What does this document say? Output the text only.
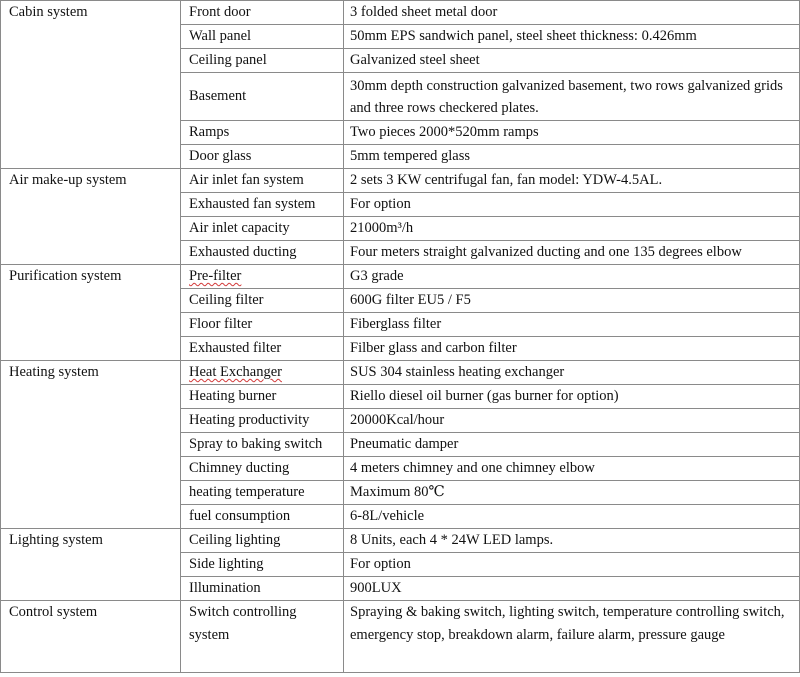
Cabin system	Front door	3 folded sheet metal door
	Wall panel	50mm EPS sandwich panel, steel sheet thickness: 0.426mm
	Ceiling panel	Galvanized steel sheet
	Basement	30mm depth construction galvanized basement, two rows galvanized grids and three rows checkered plates.
	Ramps	Two pieces 2000*520mm ramps
	Door glass	5mm tempered glass
Air make-up system	Air inlet fan system	2 sets 3 KW centrifugal fan, fan model: YDW-4.5AL.
	Exhausted fan system	For option
	Air inlet capacity	21000m³/h
	Exhausted ducting	Four meters straight galvanized ducting and one 135 degrees elbow
Purification system	Pre-filter	G3 grade
	Ceiling filter	600G filter EU5 / F5
	Floor filter	Fiberglass filter
	Exhausted filter	Filber glass and carbon filter
Heating system	Heat Exchanger	SUS 304 stainless heating exchanger
	Heating burner	Riello diesel oil burner (gas burner for option)
	Heating productivity	20000Kcal/hour
	Spray to baking switch	Pneumatic damper
	Chimney ducting	4 meters chimney and one chimney elbow
	heating temperature	Maximum 80℃
	fuel consumption	6-8L/vehicle
Lighting system	Ceiling lighting	8 Units, each 4 * 24W LED lamps.
	Side lighting	For option
	Illumination	900LUX
Control system	Switch controlling system	Spraying & baking switch, lighting switch, temperature controlling switch, emergency stop, breakdown alarm, failure alarm, pressure gauge
